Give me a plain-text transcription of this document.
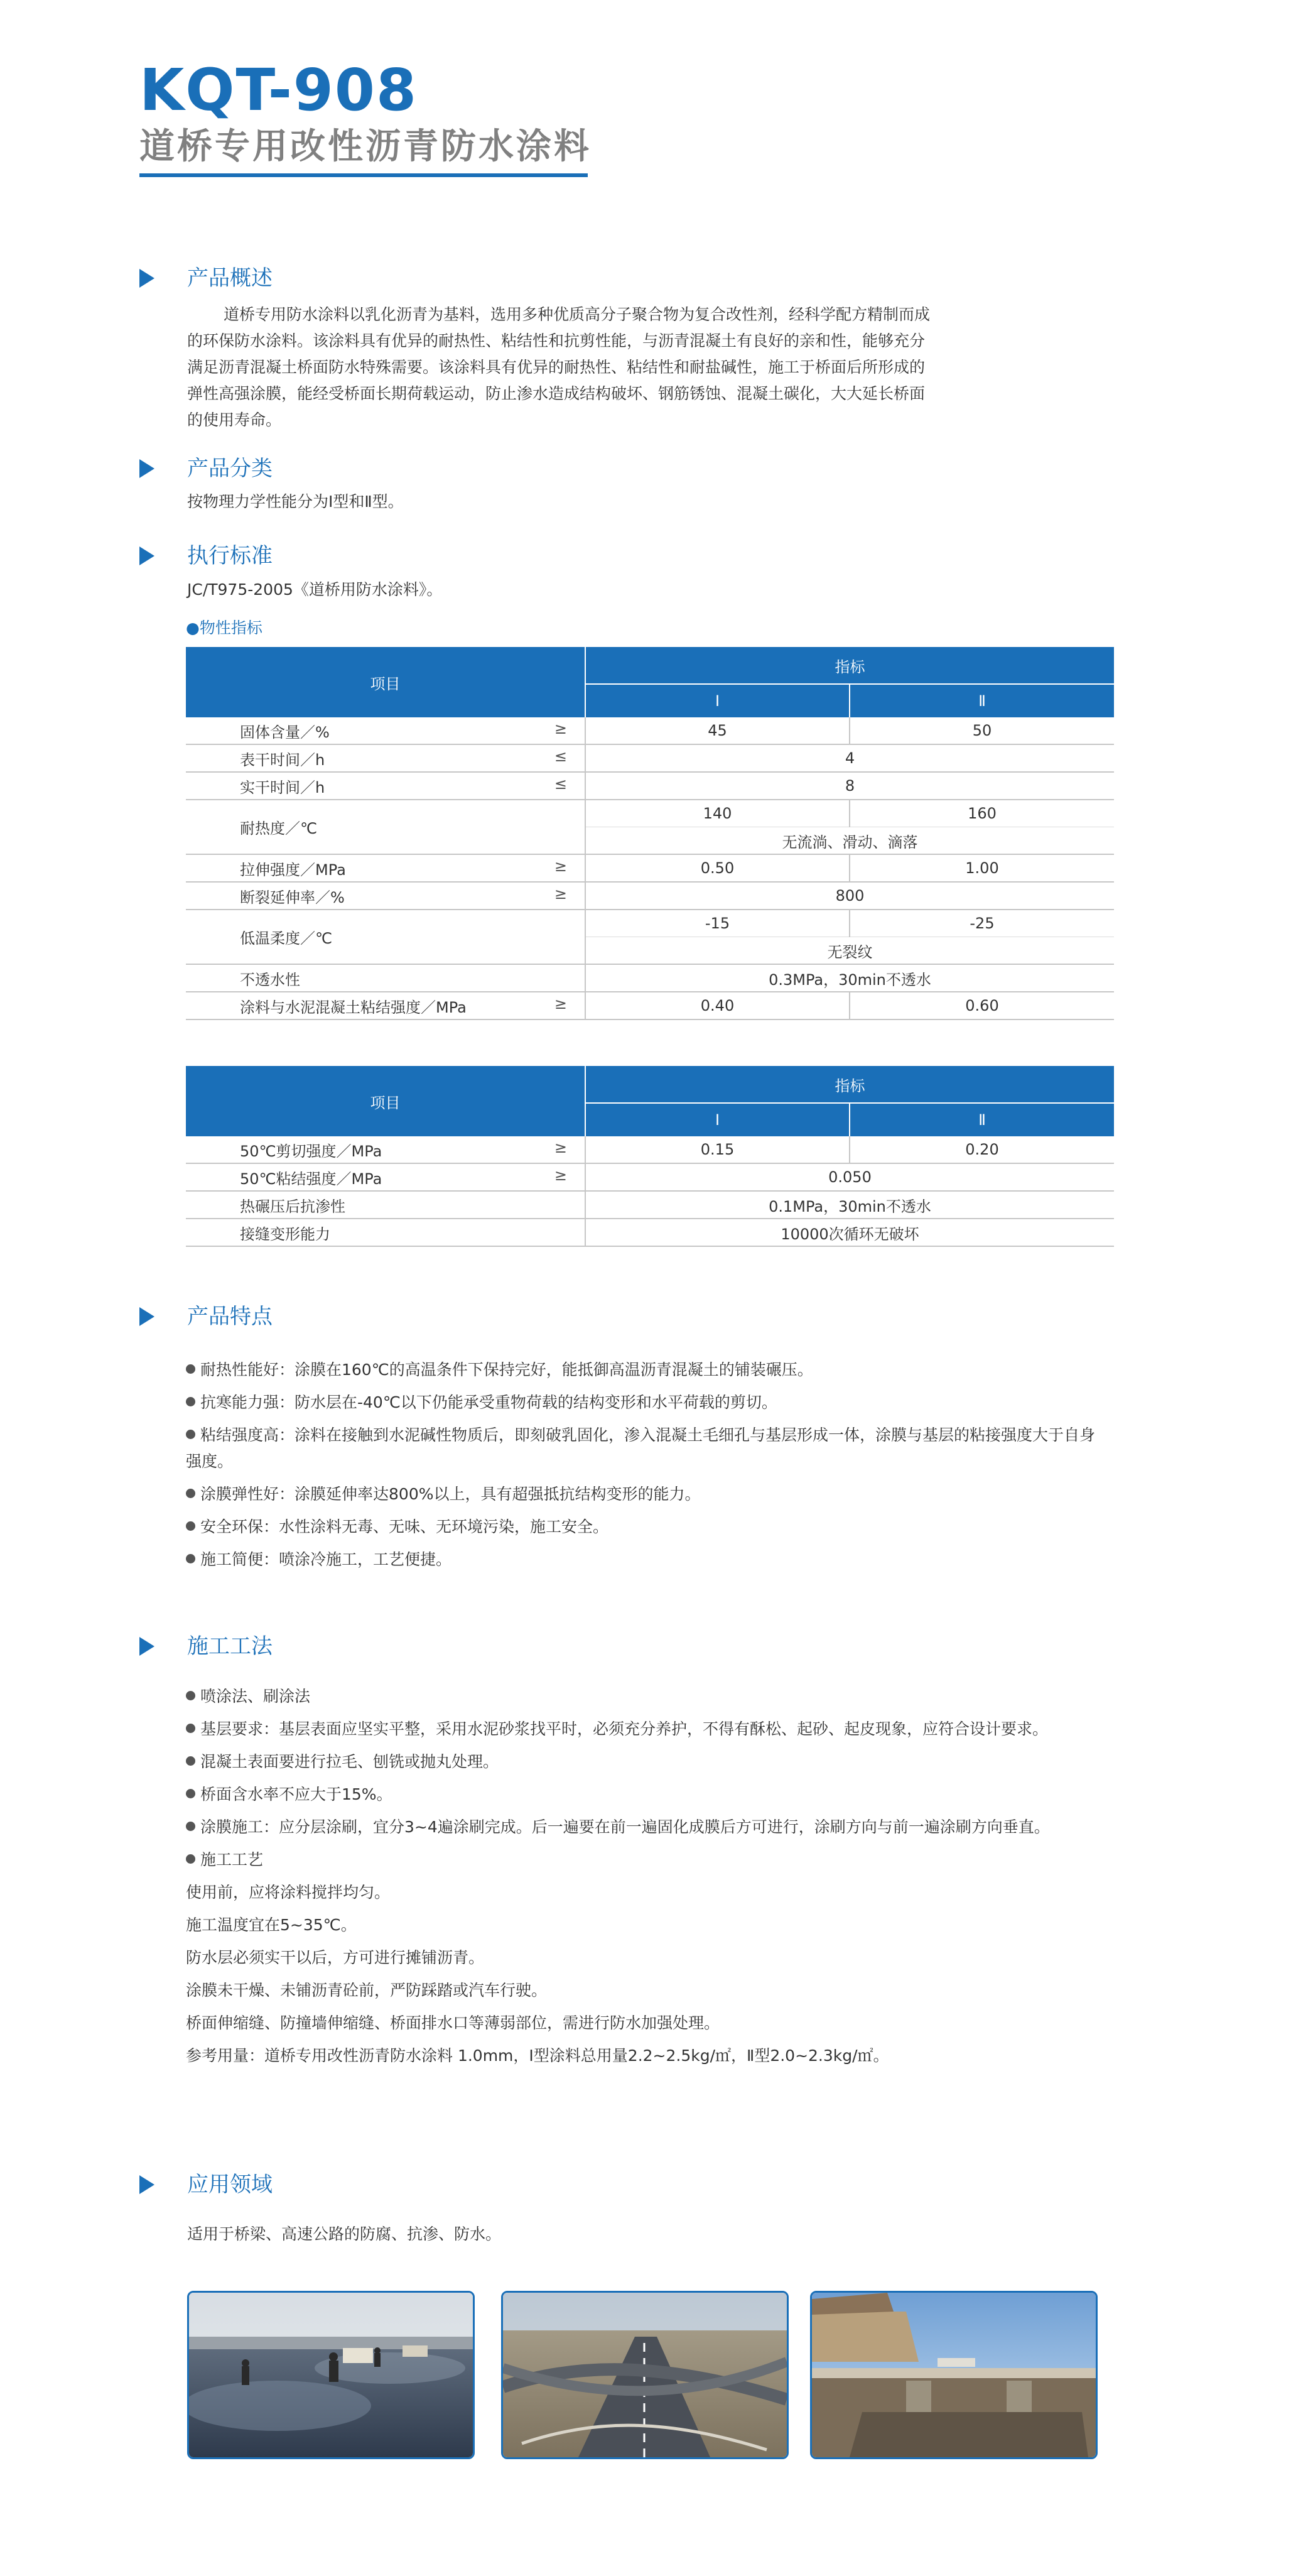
KQT-908
道桥专用改性沥青防水涂料
产品概述

道桥专用防水涂料以乳化沥青为基料，选用多种优质高分子聚合物为复合改性剂，经科学配方精制而成

的环保防水涂料。该涂料具有优异的耐热性、粘结性和抗剪性能，与沥青混凝土有良好的亲和性，能够充分

满足沥青混凝土桥面防水特殊需要。该涂料具有优异的耐热性、粘结性和耐盐碱性，施工于桥面后所形成的

弹性高强涂膜，能经受桥面长期荷载运动，防止渗水造成结构破坏、钢筋锈蚀、混凝土碳化，大大延长桥面

的使用寿命。

产品分类
按物理力学性能分为Ⅰ型和Ⅱ型。
执行标准
JC/T975-2005《道桥用防水涂料》。
●物性指标
项目	指标	
	Ⅰ	Ⅱ
固体含量／% ≥	45	50
表干时间／h ≤	4	
实干时间／h ≤	8	
耐热度／℃	140	160
	无流淌、滑动、滴落	
拉伸强度／MPa ≥	0.50	1.00
断裂延伸率／% ≥	800	
低温柔度／℃	-15	-25
	无裂纹	
不透水性	0.3MPa，30min不透水	
涂料与水泥混凝土粘结强度／MPa ≥	0.40	0.60
项目	指标	
	Ⅰ	Ⅱ
50℃剪切强度／MPa ≥	0.15	0.20
50℃粘结强度／MPa ≥	0.050	
热碾压后抗渗性	0.1MPa，30min不透水	
接缝变形能力	10000次循环无破坏	
产品特点

耐热性能好：涂膜在160℃的高温条件下保持完好，能抵御高温沥青混凝土的铺装碾压。

抗寒能力强：防水层在-40℃以下仍能承受重物荷载的结构变形和水平荷载的剪切。

粘结强度高：涂料在接触到水泥碱性物质后，即刻破乳固化，渗入混凝土毛细孔与基层形成一体，涂膜与基层的粘接强度大于自身强度。

涂膜弹性好：涂膜延伸率达800%以上，具有超强抵抗结构变形的能力。

安全环保：水性涂料无毒、无味、无环境污染，施工安全。

施工简便：喷涂冷施工，工艺便捷。

施工工法

喷涂法、刷涂法

基层要求：基层表面应坚实平整，采用水泥砂浆找平时，必须充分养护，不得有酥松、起砂、起皮现象，应符合设计要求。

混凝土表面要进行拉毛、刨铣或抛丸处理。

桥面含水率不应大于15%。

涂膜施工：应分层涂刷，宜分3~4遍涂刷完成。后一遍要在前一遍固化成膜后方可进行，涂刷方向与前一遍涂刷方向垂直。

施工工艺

使用前，应将涂料搅拌均匀。

施工温度宜在5~35℃。

防水层必须实干以后，方可进行摊铺沥青。

涂膜未干燥、未铺沥青砼前，严防踩踏或汽车行驶。

桥面伸缩缝、防撞墙伸缩缝、桥面排水口等薄弱部位，需进行防水加强处理。

参考用量：道桥专用改性沥青防水涂料 1.0mm，Ⅰ型涂料总用量2.2~2.5kg/㎡，Ⅱ型2.0~2.3kg/㎡。

应用领域
适用于桥梁、高速公路的防腐、抗渗、防水。
